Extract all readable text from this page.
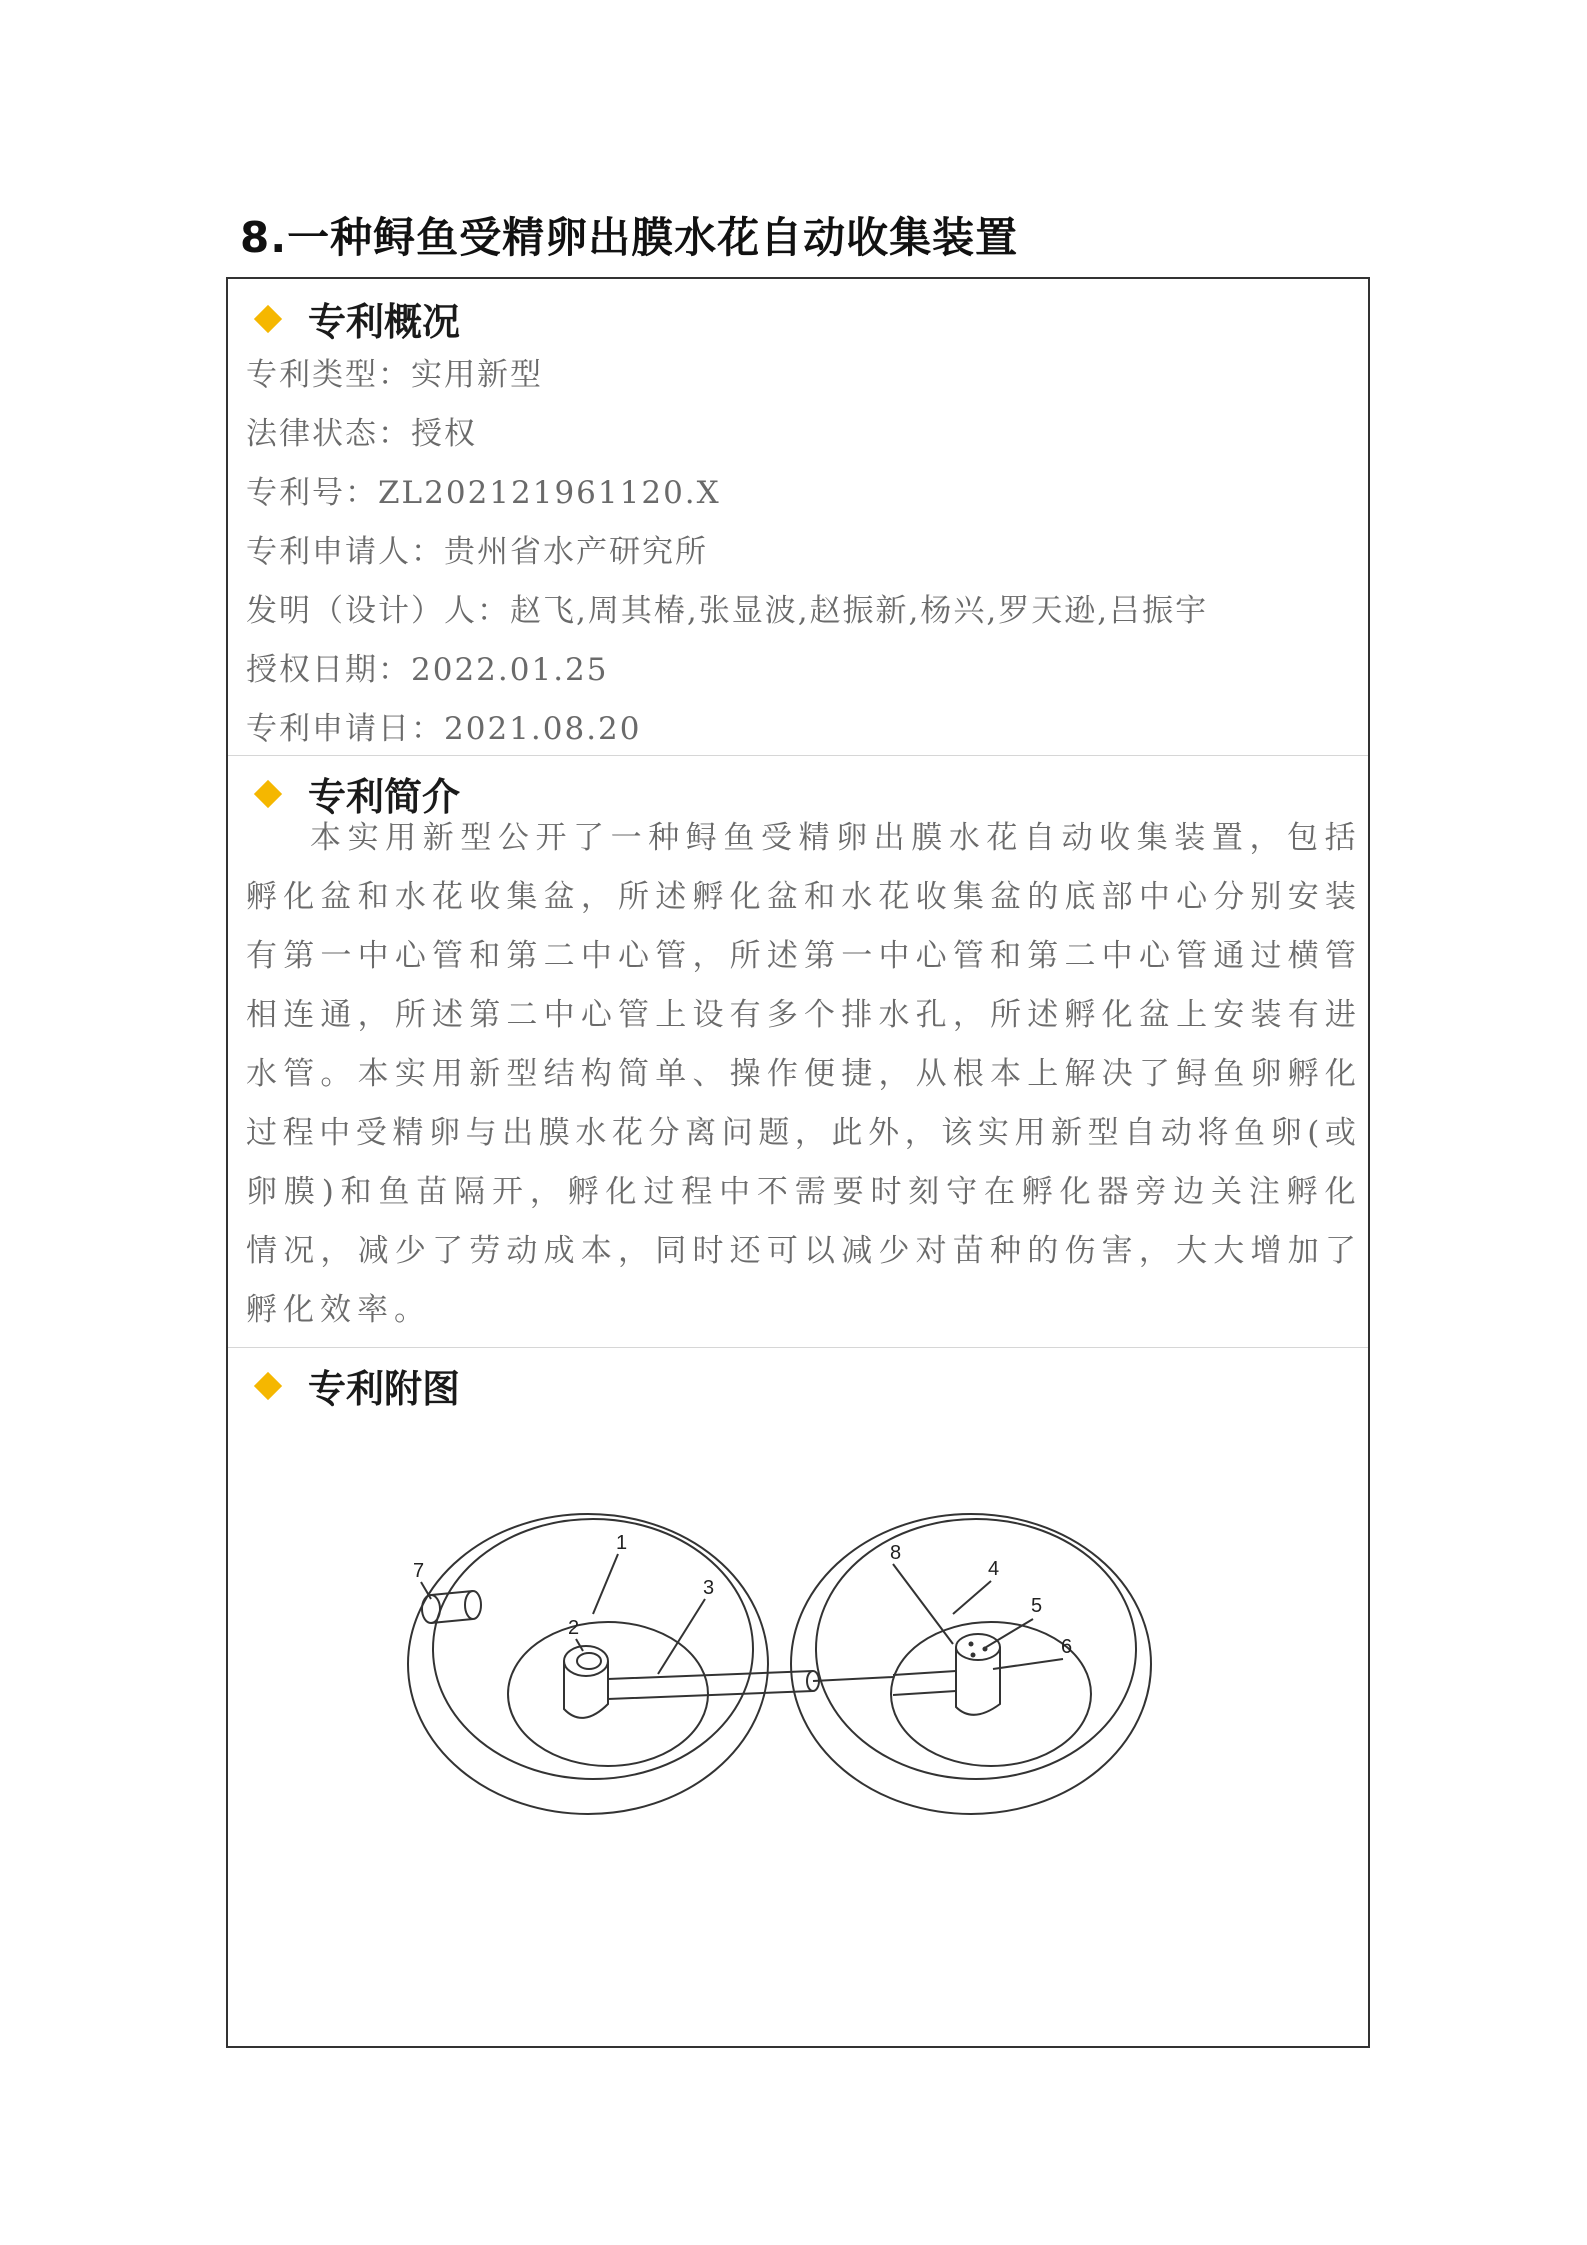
8.一种鲟鱼受精卵出膜水花自动收集装置
专利概况
专利类型：实用新型
法律状态：授权
专利号：ZL202121961120.X
专利申请人：贵州省水产研究所
发明（设计）人：赵飞,周其椿,张显波,赵振新,杨兴,罗天逊,吕振宇
授权日期：2022.01.25
专利申请日：2021.08.20
专利简介
本 实 用 新 型 公 开 了 一 种 鲟 鱼 受 精 卵 出 膜 水 花 自 动 收 集 装 置 ， 包 括
孵 化 盆 和 水 花 收 集 盆 ， 所 述 孵 化 盆 和 水 花 收 集 盆 的 底 部 中 心 分 别 安 装
有 第 一 中 心 管 和 第 二 中 心 管 ， 所 述 第 一 中 心 管 和 第 二 中 心 管 通 过 横 管
相 连 通 ， 所 述 第 二 中 心 管 上 设 有 多 个 排 水 孔 ， 所 述 孵 化 盆 上 安 装 有 进
水 管 。 本 实 用 新 型 结 构 简 单 、 操 作 便 捷 ， 从 根 本 上 解 决 了 鲟 鱼 卵 孵 化
过 程 中 受 精 卵 与 出 膜 水 花 分 离 问 题 ， 此 外 ， 该 实 用 新 型 自 动 将 鱼 卵 ( 或
卵 膜 ) 和 鱼 苗 隔 开 ， 孵 化 过 程 中 不 需 要 时 刻 守 在 孵 化 器 旁 边 关 注 孵 化
情 况 ， 减 少 了 劳 动 成 本 ， 同 时 还 可 以 减 少 对 苗 种 的 伤 害 ， 大 大 增 加 了
孵化效率。
专利附图
1
2
3
4
5
6
7
8
